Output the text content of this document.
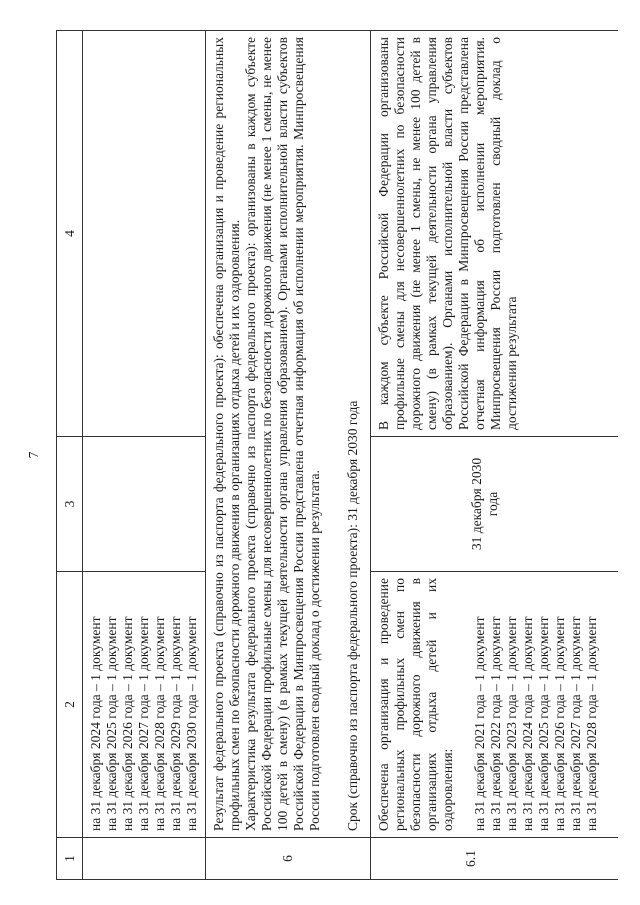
7
1
2
3
4
на 31 декабря 2024 года – 1 документ на 31 декабря 2025 года – 1 документ на 31 декабря 2026 года – 1 документ на 31 декабря 2027 года – 1 документ на 31 декабря 2028 года – 1 документ на 31 декабря 2029 года – 1 документ на 31 декабря 2030 года – 1 документ
6

Результат федерального проекта (справочно из паспорта федерального проекта): обеспечена организация и проведение региональных профильных смен по безопасности дорожного движения в организациях отдыха детей и их оздоровления. Характеристика результата федерального проекта (справочно из паспорта федерального проекта): организованы в каждом субъекте Российской Федерации профильные смены для несовершеннолетних по безопасности дорожного движения (не менее 1 смены, не менее 100 детей в смену) (в рамках текущей деятельности органа управления образованием). Органами исполнительной власти субъектов Российской Федерации в Минпросвещения России представлена отчетная информация об исполнении мероприятия. Минпросвещения России подготовлен сводный доклад о достижении результата. Срок (справочно из паспорта федерального проекта): 31 декабря 2030 года

6.1

Обеспечена организация и проведение региональных профильных смен по безопасности дорожного движения в организациях отдыха детей и их оздоровления: на 31 декабря 2021 года – 1 документ на 31 декабря 2022 года – 1 документ на 31 декабря 2023 года – 1 документ на 31 декабря 2024 года – 1 документ на 31 декабря 2025 года – 1 документ на 31 декабря 2026 года – 1 документ на 31 декабря 2027 года – 1 документ на 31 декабря 2028 года – 1 документ
31 декабря 2030 года

В каждом субъекте Российской Федерации организованы профильные смены для несовершеннолетних по безопасности дорожного движения (не менее 1 смены, не менее 100 детей в смену) (в рамках текущей деятельности органа управления образованием). Органами исполнительной власти субъектов Российской Федерации в Минпросвещения России представлена отчетная информация об исполнении мероприятия. Минпросвещения России подготовлен сводный доклад о достижении результата
